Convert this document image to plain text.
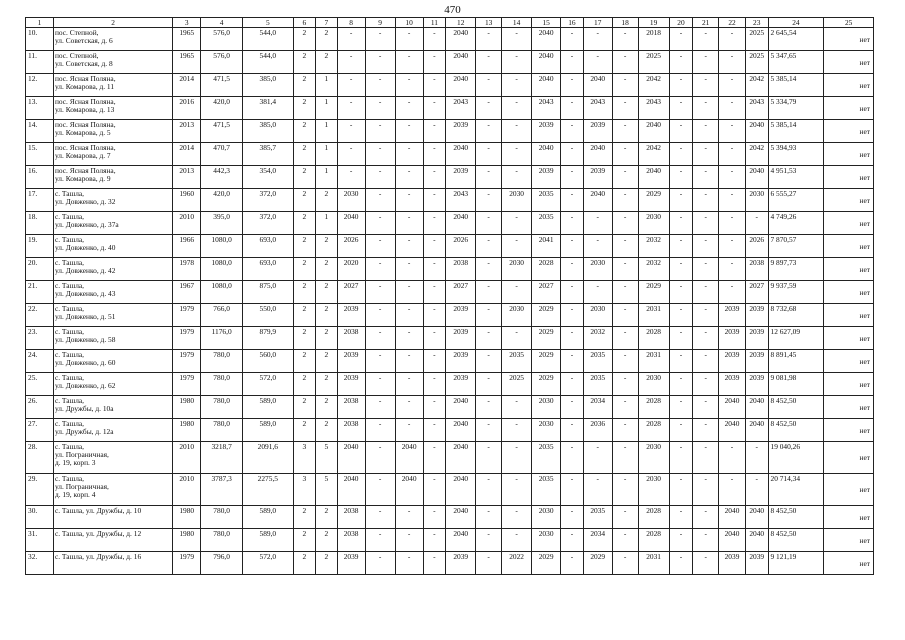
470
1	2	3	4	5	6	7	8	9	10	11	12	13	14	15	16	17	18	19	20	21	22	23	24	25
10.	пос. Степной,
ул. Советская, д. 6	1965	576,0	544,0	2	2	-	-	-	-	2040	-	-	2040	-	-	-	2018	-	-	-	2025	2 645,54	нет
11.	пос. Степной,
ул. Советская, д. 8	1965	576,0	544,0	2	2	-	-	-	-	2040	-	-	2040	-	-	-	2025	-	-	-	2025	5 347,65	нет
12.	пос. Ясная Поляна,
ул. Комарова, д. 11	2014	471,5	385,0	2	1	-	-	-	-	2040	-	-	2040	-	2040	-	2042	-	-	-	2042	5 385,14	нет
13.	пос. Ясная Поляна,
ул. Комарова, д. 13	2016	420,0	381,4	2	1	-	-	-	-	2043	-	-	2043	-	2043	-	2043	-	-	-	2043	5 334,79	нет
14.	пос. Ясная Поляна,
ул. Комарова, д. 5	2013	471,5	385,0	2	1	-	-	-	-	2039	-	-	2039	-	2039	-	2040	-	-	-	2040	5 385,14	нет
15.	пос. Ясная Поляна,
ул. Комарова, д. 7	2014	470,7	385,7	2	1	-	-	-	-	2040	-	-	2040	-	2040	-	2042	-	-	-	2042	5 394,93	нет
16.	пос. Ясная Поляна,
ул. Комарова, д. 9	2013	442,3	354,0	2	1	-	-	-	-	2039	-	-	2039	-	2039	-	2040	-	-	-	2040	4 951,53	нет
17.	с. Ташла,
ул. Довженко, д. 32	1960	420,0	372,0	2	2	2030	-	-	-	2043	-	2030	2035	-	2040	-	2029	-	-	-	2030	6 555,27	нет
18.	с. Ташла,
ул. Довженко, д. 37а	2010	395,0	372,0	2	1	2040	-	-	-	2040	-	-	2035	-	-	-	2030	-	-	-	-	4 749,26	нет
19.	с. Ташла,
ул. Довженко, д. 40	1966	1080,0	693,0	2	2	2026	-	-	-	2026	-	-	2041	-	-	-	2032	-	-	-	2026	7 870,57	нет
20.	с. Ташла,
ул. Довженко, д. 42	1978	1080,0	693,0	2	2	2020	-	-	-	2038	-	2030	2028	-	2030	-	2032	-	-	-	2038	9 897,73	нет
21.	с. Ташла,
ул. Довженко, д. 43	1967	1080,0	875,0	2	2	2027	-	-	-	2027	-	-	2027	-	-	-	2029	-	-	-	2027	9 937,59	нет
22.	с. Ташла,
ул. Довженко, д. 51	1979	766,0	550,0	2	2	2039	-	-	-	2039	-	2030	2029	-	2030	-	2031	-	-	2039	2039	8 732,68	нет
23.	с. Ташла,
ул. Довженко, д. 58	1979	1176,0	879,9	2	2	2038	-	-	-	2039	-	-	2029	-	2032	-	2028	-	-	2039	2039	12 627,09	нет
24.	с. Ташла,
ул. Довженко, д. 60	1979	780,0	560,0	2	2	2039	-	-	-	2039	-	2035	2029	-	2035	-	2031	-	-	2039	2039	8 891,45	нет
25.	с. Ташла,
ул. Довженко, д. 62	1979	780,0	572,0	2	2	2039	-	-	-	2039	-	2025	2029	-	2035	-	2030	-	-	2039	2039	9 081,98	нет
26.	с. Ташла,
ул. Дружбы, д. 10а	1980	780,0	589,0	2	2	2038	-	-	-	2040	-	-	2030	-	2034	-	2028	-	-	2040	2040	8 452,50	нет
27.	с. Ташла,
ул. Дружбы, д. 12а	1980	780,0	589,0	2	2	2038	-	-	-	2040	-	-	2030	-	2036	-	2028	-	-	2040	2040	8 452,50	нет
28.	с. Ташла,
ул. Пограничная,
д. 19, корп. 3	2010	3218,7	2091,6	3	5	2040	-	2040	-	2040	-	-	2035	-	-	-	2030	-	-	-	-	19 040,26	нет
29.	с. Ташла,
ул. Пограничная,
д. 19, корп. 4	2010	3787,3	2275,5	3	5	2040	-	2040	-	2040	-	-	2035	-	-	-	2030	-	-	-	-	20 714,34	нет
30.	с. Ташла, ул. Дружбы, д. 10	1980	780,0	589,0	2	2	2038	-	-	-	2040	-	-	2030	-	2035	-	2028	-	-	2040	2040	8 452,50	нет
31.	с. Ташла, ул. Дружбы, д. 12	1980	780,0	589,0	2	2	2038	-	-	-	2040	-	-	2030	-	2034	-	2028	-	-	2040	2040	8 452,50	нет
32.	с. Ташла, ул. Дружбы, д. 16	1979	796,0	572,0	2	2	2039	-	-	-	2039	-	2022	2029	-	2029	-	2031	-	-	2039	2039	9 121,19	нет
